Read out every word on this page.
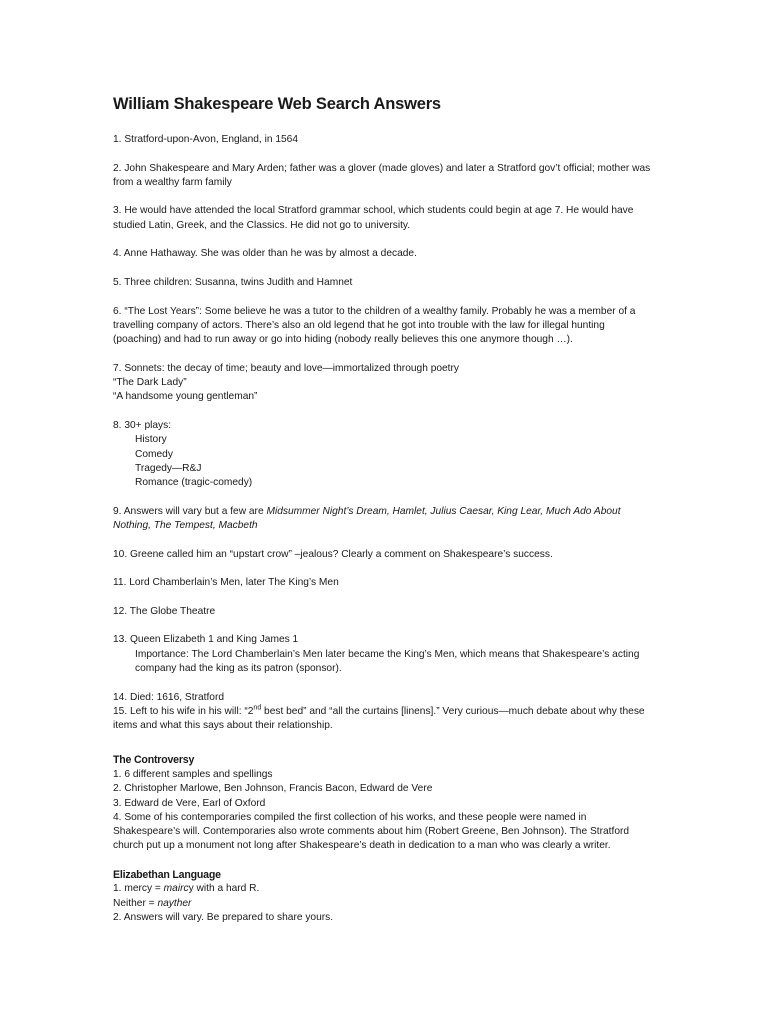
William Shakespeare Web Search Answers

1. Stratford-upon-Avon, England, in 1564

2. John Shakespeare and Mary Arden; father was a glover (made gloves) and later a Stratford gov’t official; mother was from a wealthy farm family

3. He would have attended the local Stratford grammar school, which students could begin at age 7. He would have studied Latin, Greek, and the Classics. He did not go to university.

4. Anne Hathaway. She was older than he was by almost a decade.

5. Three children: Susanna, twins Judith and Hamnet

6. “The Lost Years”: Some believe he was a tutor to the children of a wealthy family. Probably he was a member of a travelling company of actors. There’s also an old legend that he got into trouble with the law for illegal hunting (poaching) and had to run away or go into hiding (nobody really believes this one anymore though …).

7. Sonnets: the decay of time; beauty and love—immortalized through poetry

“The Dark Lady”

“A handsome young gentleman”

8. 30+ plays:

History

Comedy

Tragedy—R&J

Romance (tragic-comedy)

9. Answers will vary but a few are Midsummer Night’s Dream, Hamlet, Julius Caesar, King Lear, Much Ado About Nothing, The Tempest, Macbeth

10. Greene called him an “upstart crow” –jealous? Clearly a comment on Shakespeare’s success.

11. Lord Chamberlain’s Men, later The King’s Men

12. The Globe Theatre

13. Queen Elizabeth 1 and King James 1

Importance: The Lord Chamberlain’s Men later became the King’s Men, which means that Shakespeare’s acting company had the king as its patron (sponsor).

14. Died: 1616, Stratford

15. Left to his wife in his will: “2nd best bed” and “all the curtains [linens].” Very curious—much debate about why these items and what this says about their relationship.

The Controversy

1. 6 different samples and spellings

2. Christopher Marlowe, Ben Johnson, Francis Bacon, Edward de Vere

3. Edward de Vere, Earl of Oxford

4. Some of his contemporaries compiled the first collection of his works, and these people were named in Shakespeare’s will. Contemporaries also wrote comments about him (Robert Greene, Ben Johnson). The Stratford church put up a monument not long after Shakespeare’s death in dedication to a man who was clearly a writer.

Elizabethan Language

1. mercy = maircy with a hard R.

Neither = nayther

2. Answers will vary. Be prepared to share yours.
